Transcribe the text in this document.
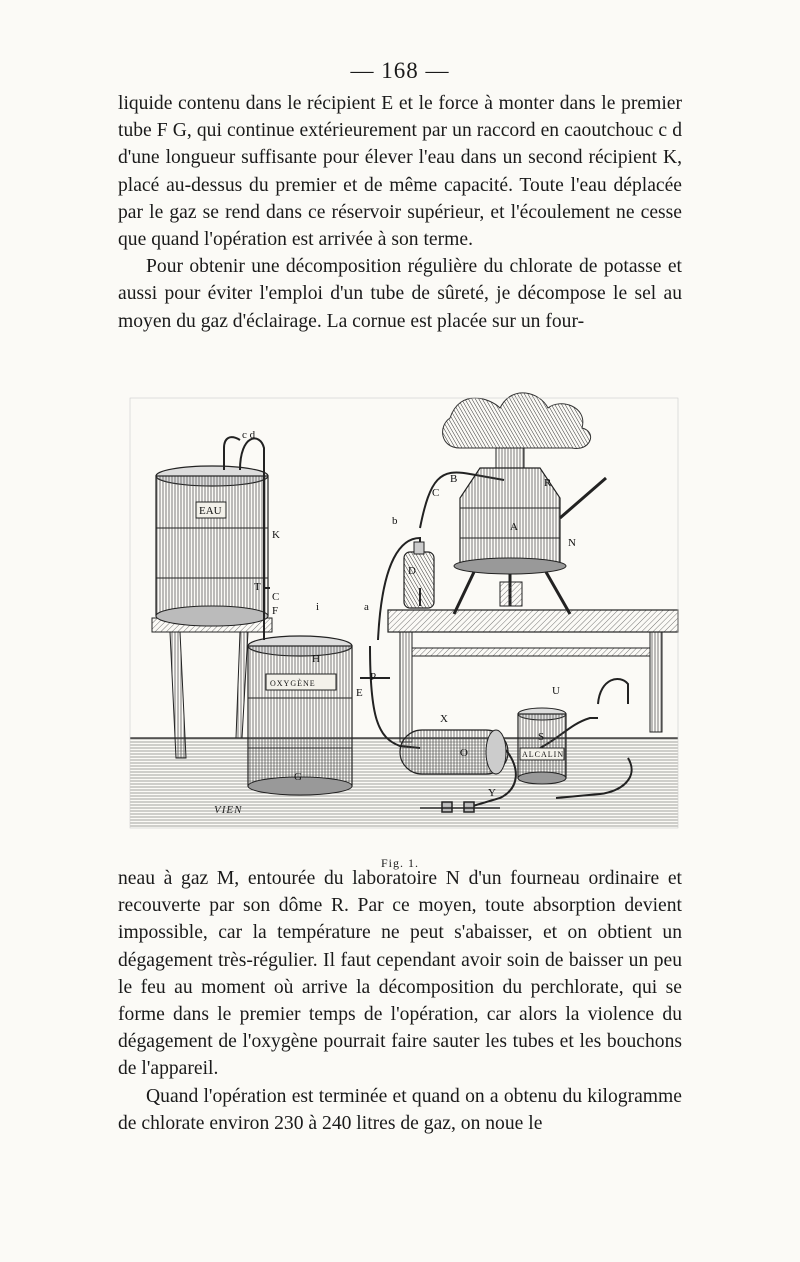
— 168 —

liquide contenu dans le récipient E et le force à monter dans le premier tube F G, qui continue extérieurement par un raccord en caoutchouc c d d'une longueur suffisante pour élever l'eau dans un second récipient K, placé au-dessus du premier et de même capacité. Toute l'eau déplacée par le gaz se rend dans ce réservoir supérieur, et l'écoulement ne cesse que quand l'opération est arrivée à son terme.

Pour obtenir une décomposition régulière du chlorate de potasse et aussi pour éviter l'emploi d'un tube de sûreté, je décompose le sel au moyen du gaz d'éclairage. La cornue est placée sur un four-

EAU
K
OXYGÈNE
H
E
G
c d
T
C
F	i	a
b
P
D
R
A
N
B
C
O
X
ALCALIN
S
U
Y
VIEN
Fig. 1.

neau à gaz M, entourée du laboratoire N d'un fourneau ordinaire et recouverte par son dôme R. Par ce moyen, toute absorption devient impossible, car la température ne peut s'abaisser, et on obtient un dégagement très-régulier. Il faut cependant avoir soin de baisser un peu le feu au moment où arrive la décomposition du perchlorate, qui se forme dans le premier temps de l'opération, car alors la violence du dégagement de l'oxygène pourrait faire sauter les tubes et les bouchons de l'appareil.

Quand l'opération est terminée et quand on a obtenu du kilogramme de chlorate environ 230 à 240 litres de gaz, on noue le
